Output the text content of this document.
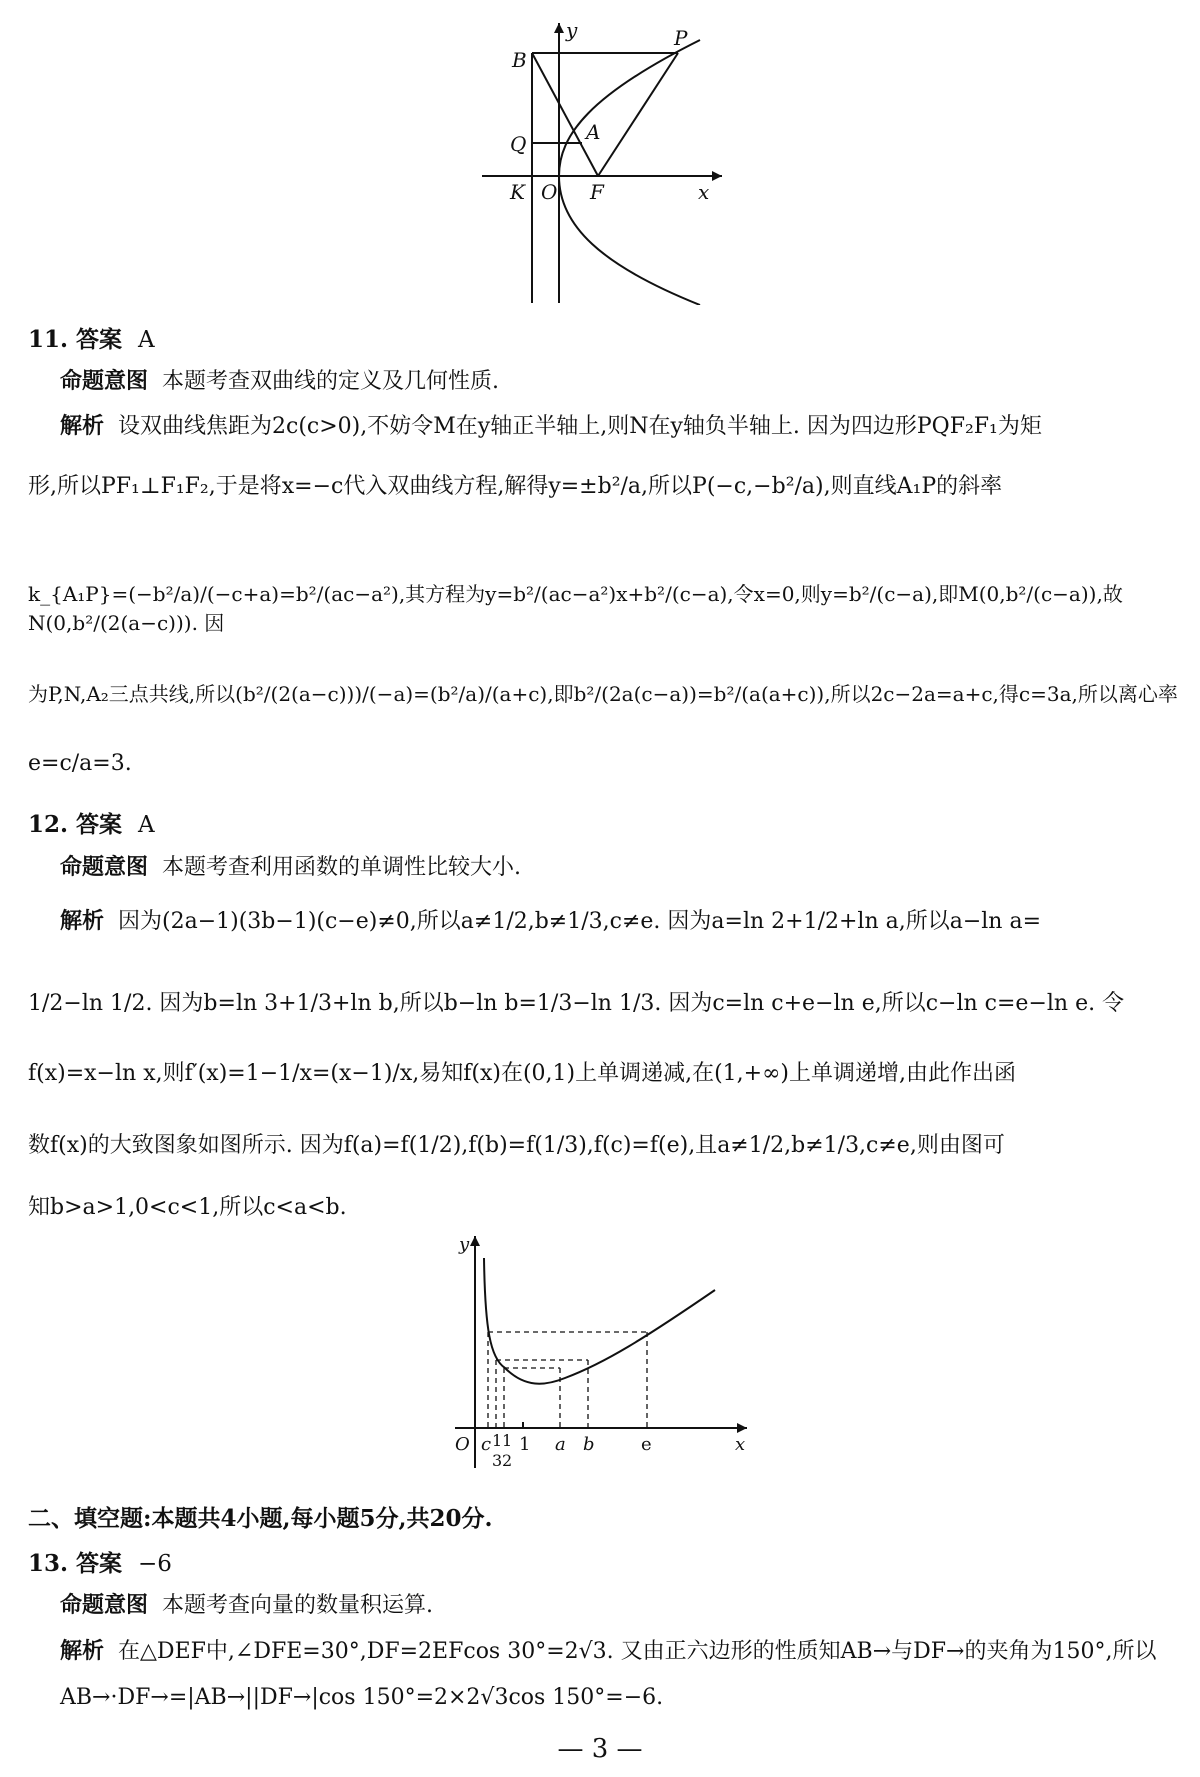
B
P
y
Q	A
K O F	x
11. 答案 A
命题意图 本题考查双曲线的定义及几何性质.
解析 设双曲线焦距为2c(c>0),不妨令M在y轴正半轴上,则N在y轴负半轴上. 因为四边形PQF₂F₁为矩
形,所以PF₁⊥F₁F₂,于是将x=−c代入双曲线方程,解得y=±b²/a,所以P(−c,−b²/a),则直线A₁P的斜率
k_{A₁P}=(−b²/a)/(−c+a)=b²/(ac−a²),其方程为y=b²/(ac−a²)x+b²/(c−a),令x=0,则y=b²/(c−a),即M(0,b²/(c−a)),故N(0,b²/(2(a−c))). 因
为P,N,A₂三点共线,所以(b²/(2(a−c)))/(−a)=(b²/a)/(a+c),即b²/(2a(c−a))=b²/(a(a+c)),所以2c−2a=a+c,得c=3a,所以离心率
e=c/a=3.
12. 答案 A
命题意图 本题考查利用函数的单调性比较大小.
解析 因为(2a−1)(3b−1)(c−e)≠0,所以a≠1/2,b≠1/3,c≠e. 因为a=ln 2+1/2+ln a,所以a−ln a=
1/2−ln 1/2. 因为b=ln 3+1/3+ln b,所以b−ln b=1/3−ln 1/3. 因为c=ln c+e−ln e,所以c−ln c=e−ln e. 令
f(x)=x−ln x,则f′(x)=1−1/x=(x−1)/x,易知f(x)在(0,1)上单调递减,在(1,+∞)上单调递增,由此作出函
数f(x)的大致图象如图所示. 因为f(a)=f(1/2),f(b)=f(1/3),f(c)=f(e),且a≠1/2,b≠1/3,c≠e,则由图可
知b>a>1,0<c<1,所以c<a<b.
y
O	x
c 1
3
1
2
1 a b	e
二、填空题:本题共4小题,每小题5分,共20分.
13. 答案 −6
命题意图 本题考查向量的数量积运算.
解析 在△DEF中,∠DFE=30°,DF=2EFcos 30°=2√3. 又由正六边形的性质知AB→与DF→的夹角为150°,所以
AB→·DF→=|AB→||DF→|cos 150°=2×2√3cos 150°=−6.
— 3 —
